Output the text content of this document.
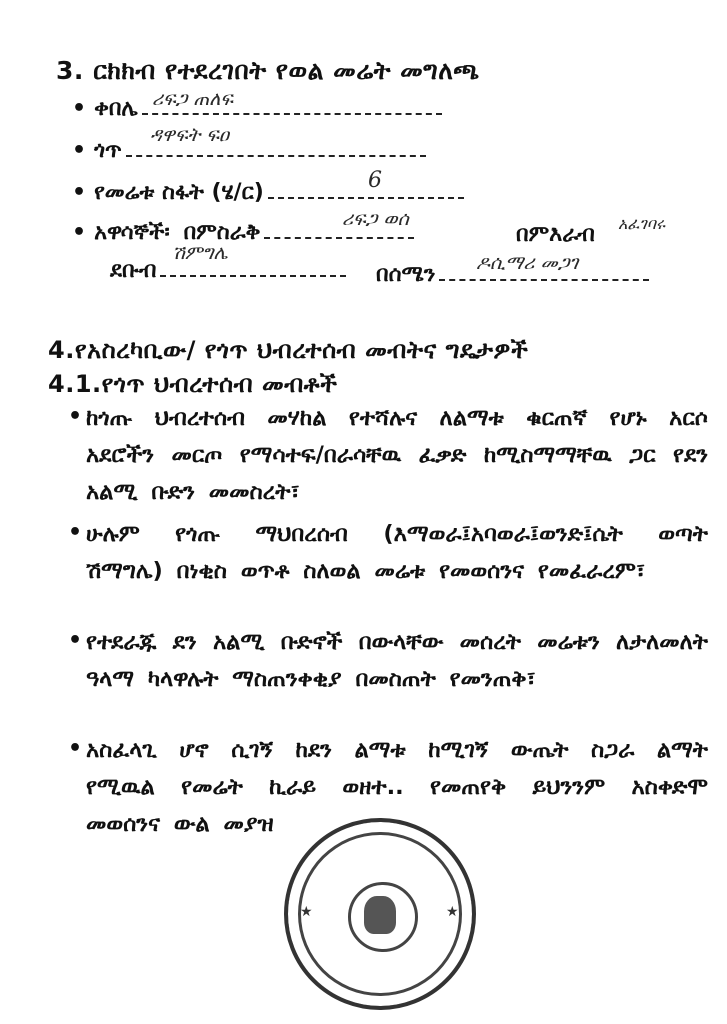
3. ርክክብ የተደረገበት የወል መሬት መግለጫ
• ቀበሌ ሪፍጋ ጠለፍ
• ጎጥ
ዳዋፍት ፍዐ
• የመሬቱ ስፋት (ሄ/ር)	6
• አዋሳኞች፡ በምስራቅ
ሪፍጋ ወሰ
በምእራብ አፈገባሩ
ደቡብ
ሽምግሌ
በሰሜን ዶሲማሪ መጋገ
4.የአስረካቢው/ የጎጥ ህብረተሰብ መብትና ግዴታዎች
4.1.የጎጥ ህብረተሰብ መብቶች
• ከጎጡ ህብረተሰብ መሃከል የተሻሉና ለልማቱ ቁርጠኛ የሆኑ አርሶ አደሮችን መርጦ የማሳተፍ/በራሳቸዉ ፈቃድ ከሚስማማቸዉ ጋር የደን አልሚ ቡድን መመስረት፣
• ሁሉም የጎጡ ማህበረሰብ (እማወራ፤አባወራ፤ወንድ፤ሴት ወጣት ሽማግሌ) በነቂስ ወጥቶ ስለወል መሬቱ የመወሰንና የመፈራረም፣
• የተደራጁ ደን አልሚ ቡድኖች በውላቸው መሰረት መሬቱን ለታለመለት ዓላማ ካላዋሉት ማስጠንቀቂያ በመስጠት የመንጠቅ፣
• አስፈላጊ ሆኖ ሲገኝ ከደን ልማቱ ከሚገኝ ውጤት ስጋራ ልማት የሚዉል የመሬት ኪራይ ወዘተ.. የመጠየቅ ይህንንም አስቀድሞ መወሰንና ውል መያዝ
★	★
